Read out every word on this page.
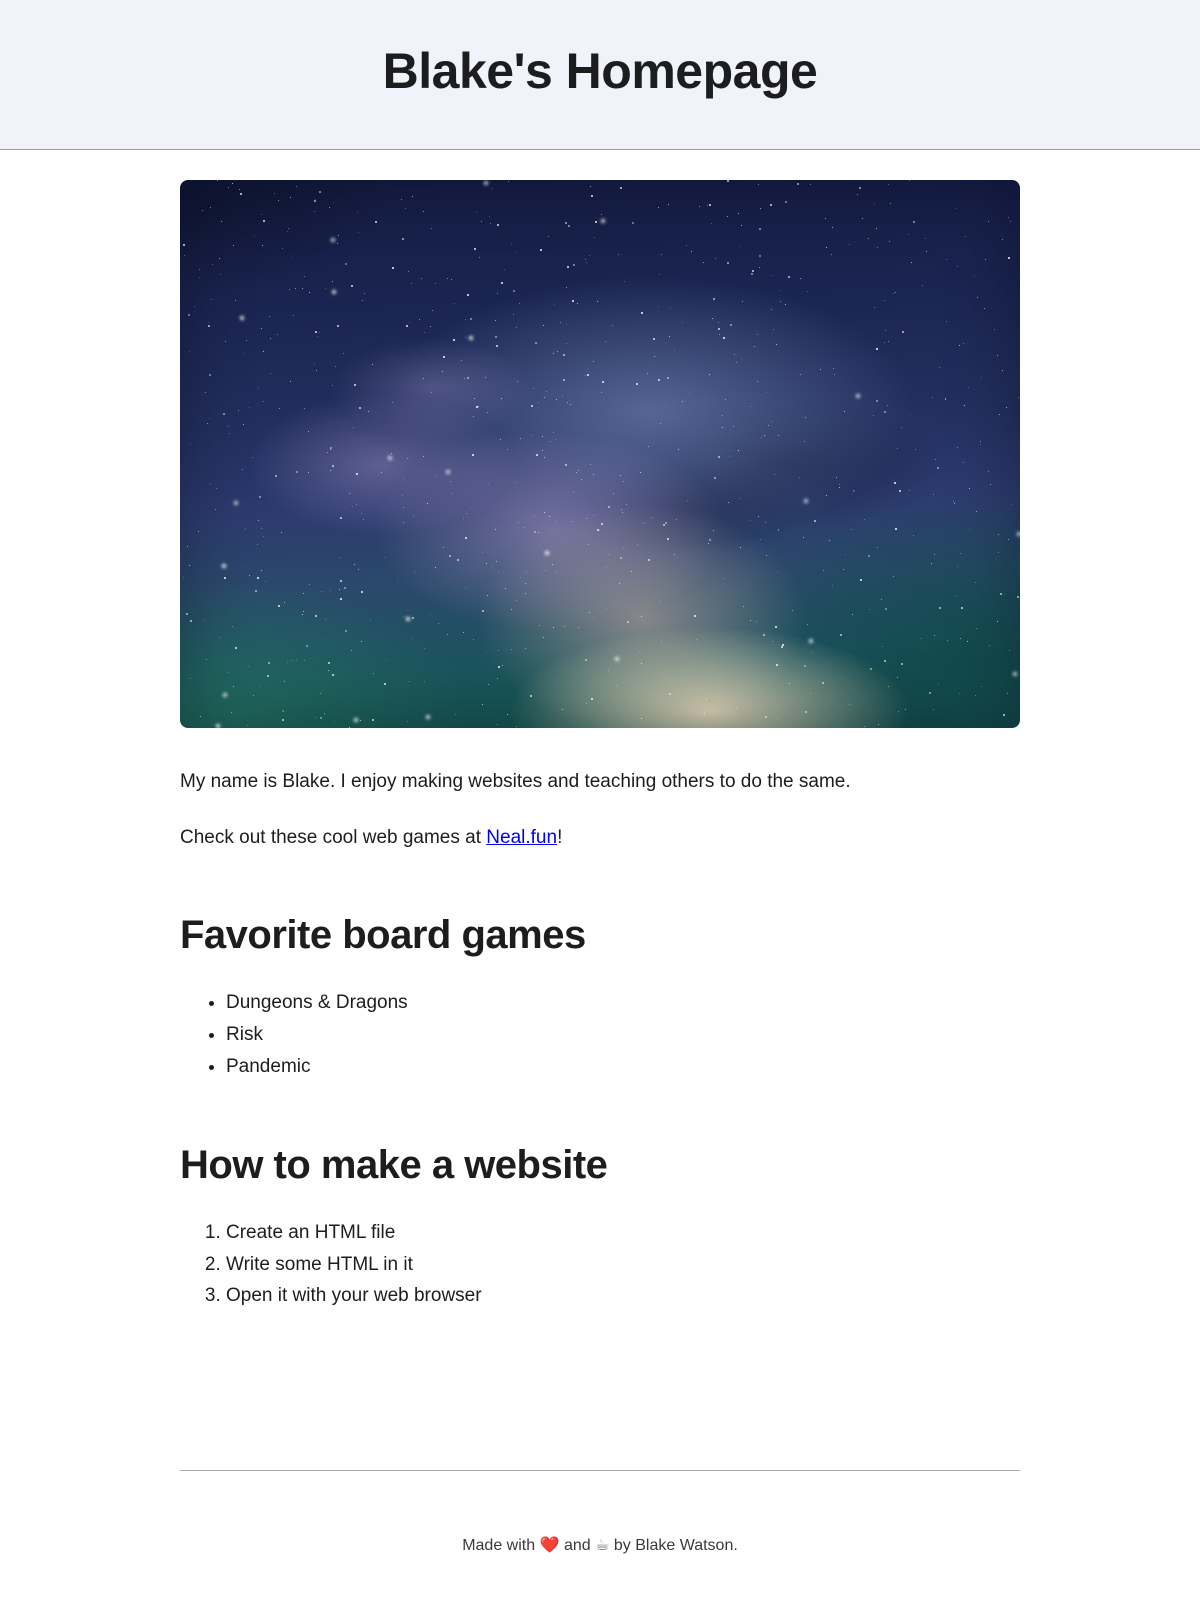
Blake's Homepage

My name is Blake. I enjoy making websites and teaching others to do the same.

Check out these cool web games at Neal.fun!

Favorite board games
• Dungeons & Dragons
• Risk
• Pandemic
How to make a website
1. Create an HTML file
2. Write some HTML in it
3. Open it with your web browser
Made with ❤️ and ☕ by Blake Watson.
